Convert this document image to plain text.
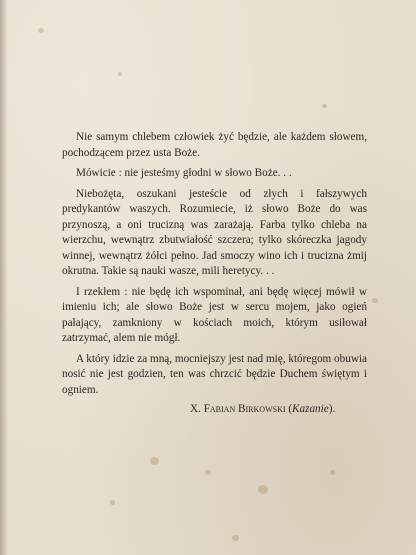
Nie samym chlebem człowiek żyć będzie, ale każdem słowem, pochodzącem przez usta Boże.

Mówicie : nie jesteśmy głodni w słowo Boże. . .

Niebożęta, oszukani jesteście od złych i fałszywych predykantów waszych. Rozumiecie, iż słowo Boże do was przynoszą, a oni trucizną was zarażają. Farba tylko chleba na wierzchu, wewnątrz zbutwiałość szczera; tylko skóreczka jagody winnej, wewnątrz żółci pełno. Jad smoczy wino ich i trucizna żmij okrutna. Takie są nauki wasze, mili heretycy. . .

I rzekłem : nie będę ich wspominał, ani będę więcej mówił w imieniu ich; ale słowo Boże jest w sercu mojem, jako ogień pałający, zamkniony w kościach moich, którym usiłował zatrzymać, alem nie mógł.

A który idzie za mną, mocniejszy jest nad mię, któregom obuwia nosić nie jest godzien, ten was chrzcić będzie Duchem świętym i ogniem.

X. Fabian Birkowski (Kazanie).
